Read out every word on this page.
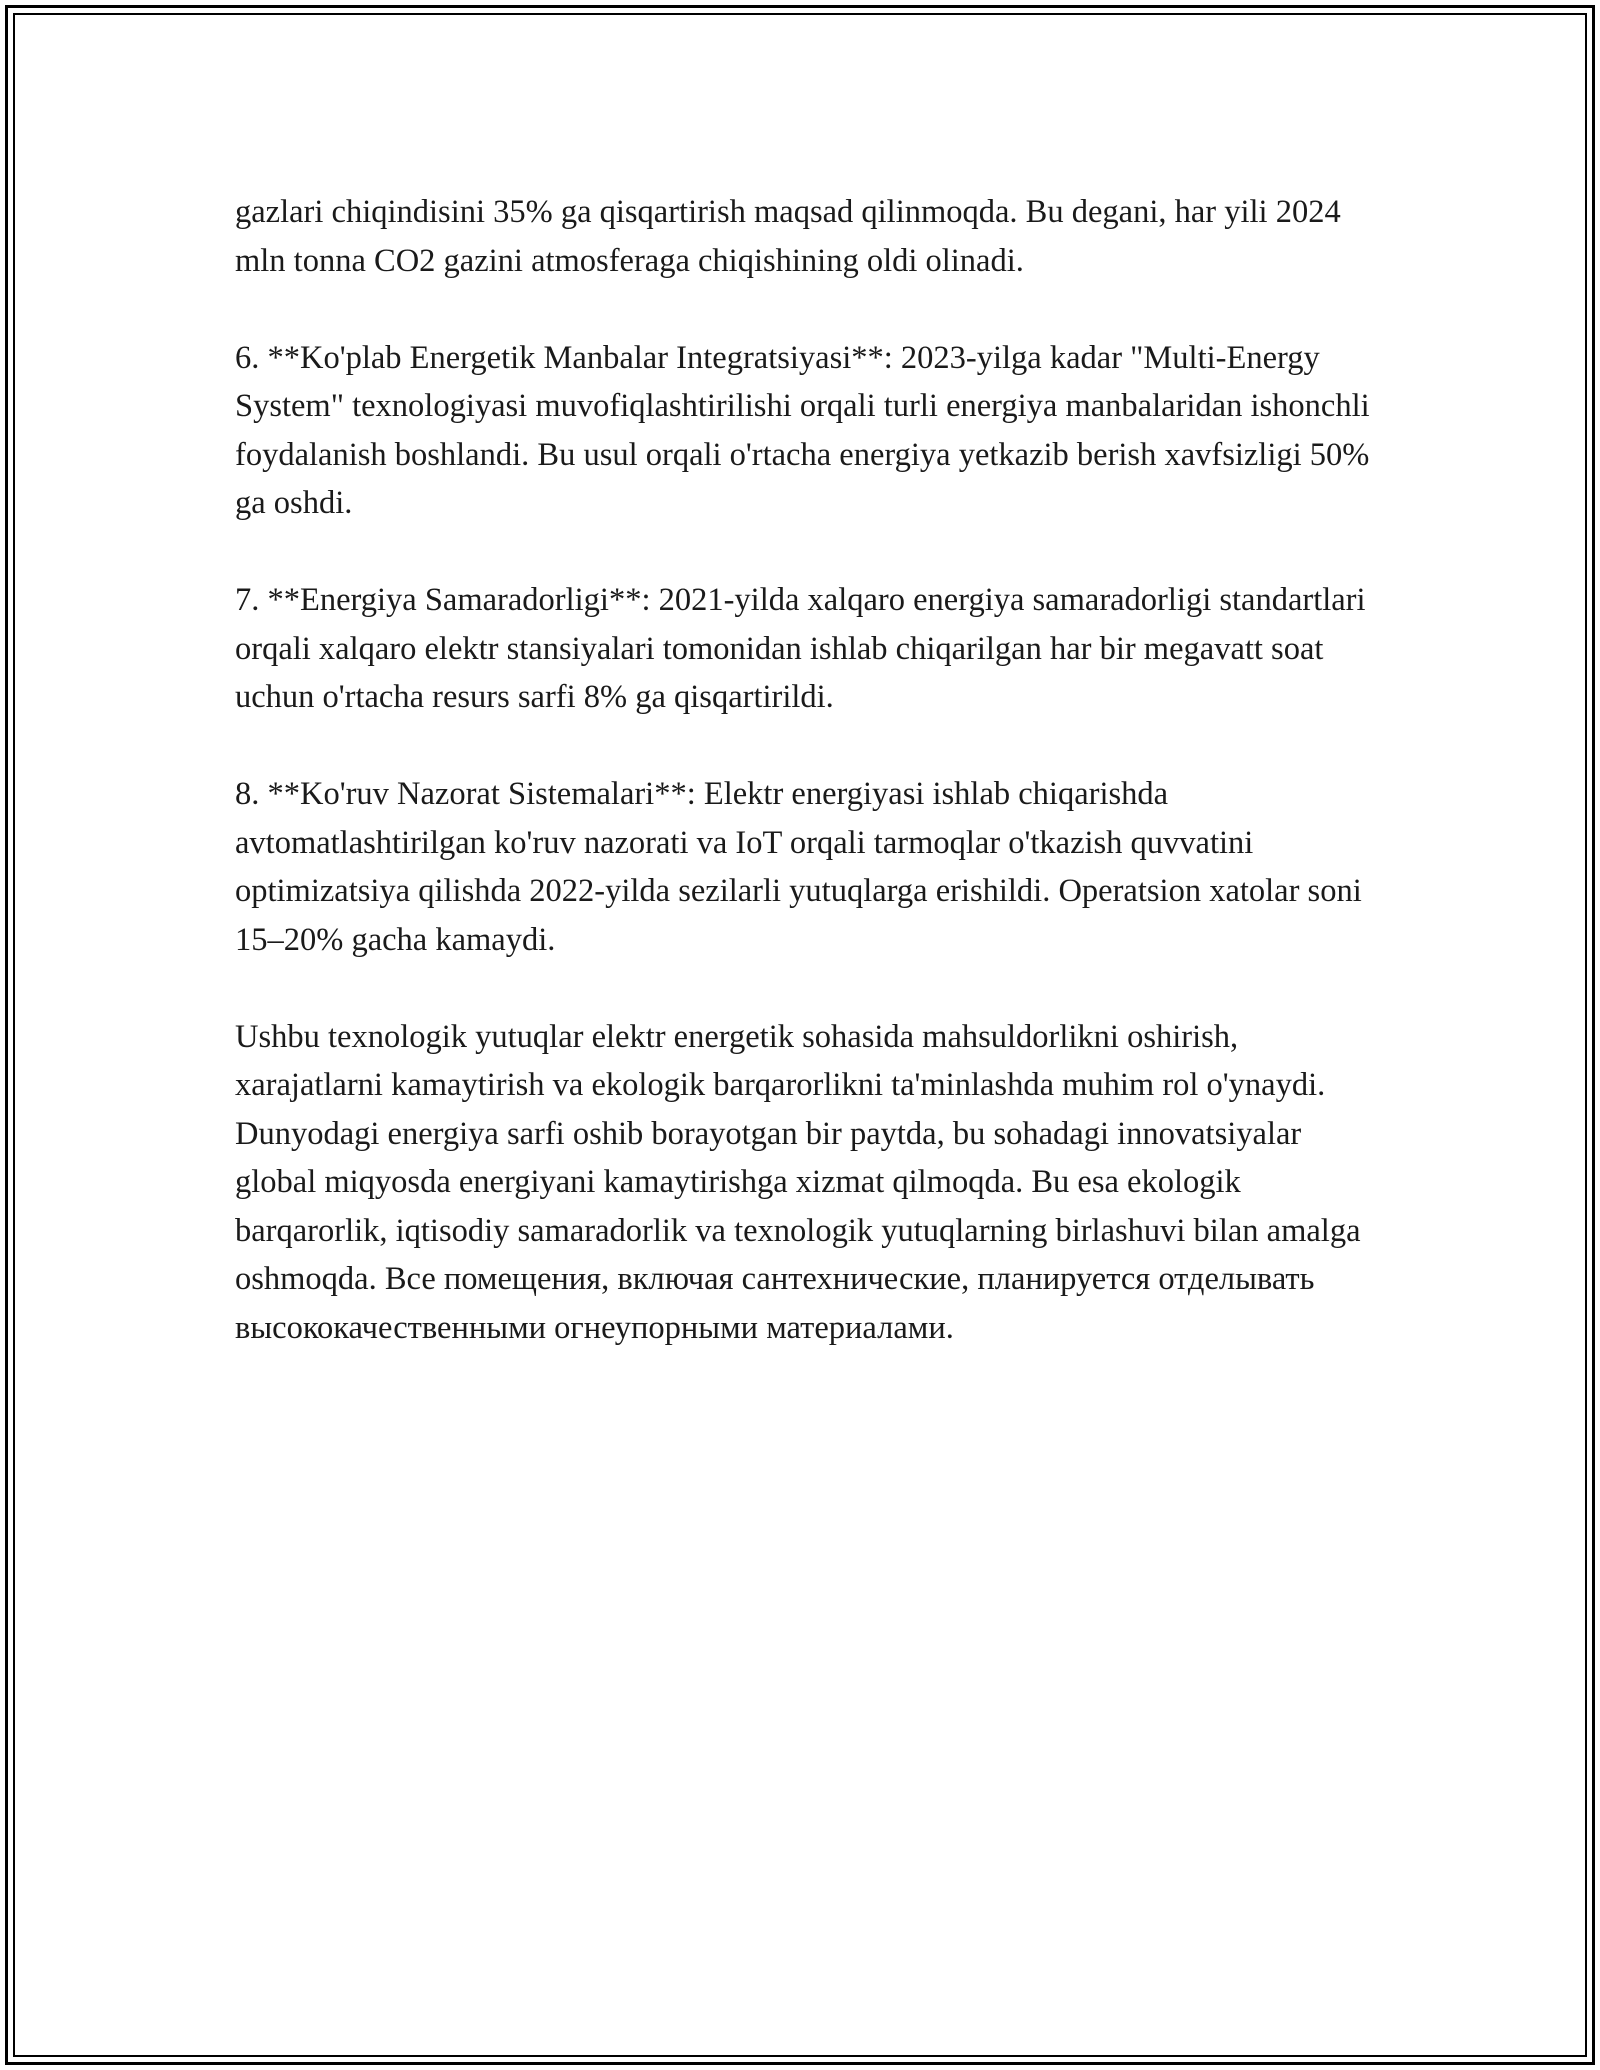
gazlari chiqindisini 35% ga qisqartirish maqsad qilinmoqda. Bu degani, har yili 2024 mln tonna CO2 gazini atmosferaga chiqishining oldi olinadi.

6. **Ko'plab Energetik Manbalar Integratsiyasi**: 2023-yilga kadar "Multi-Energy System" texnologiyasi muvofiqlashtirilishi orqali turli energiya manbalaridan ishonchli foydalanish boshlandi. Bu usul orqali o'rtacha energiya yetkazib berish xavfsizligi 50% ga oshdi.

7. **Energiya Samaradorligi**: 2021-yilda xalqaro energiya samaradorligi standartlari orqali xalqaro elektr stansiyalari tomonidan ishlab chiqarilgan har bir megavatt soat uchun o'rtacha resurs sarfi 8% ga qisqartirildi.

8. **Ko'ruv Nazorat Sistemalari**: Elektr energiyasi ishlab chiqarishda avtomatlashtirilgan ko'ruv nazorati va IoT orqali tarmoqlar o'tkazish quvvatini optimizatsiya qilishda 2022-yilda sezilarli yutuqlarga erishildi. Operatsion xatolar soni 15–20% gacha kamaydi.

Ushbu texnologik yutuqlar elektr energetik sohasida mahsuldorlikni oshirish, xarajatlarni kamaytirish va ekologik barqarorlikni ta'minlashda muhim rol o'ynaydi. Dunyodagi energiya sarfi oshib borayotgan bir paytda, bu sohadagi innovatsiyalar global miqyosda energiyani kamaytirishga xizmat qilmoqda. Bu esa ekologik barqarorlik, iqtisodiy samaradorlik va texnologik yutuqlarning birlashuvi bilan amalga oshmoqda. Все помещения, включая сантехнические, планируется отделывать высококачественными огнеупорными материалами.
